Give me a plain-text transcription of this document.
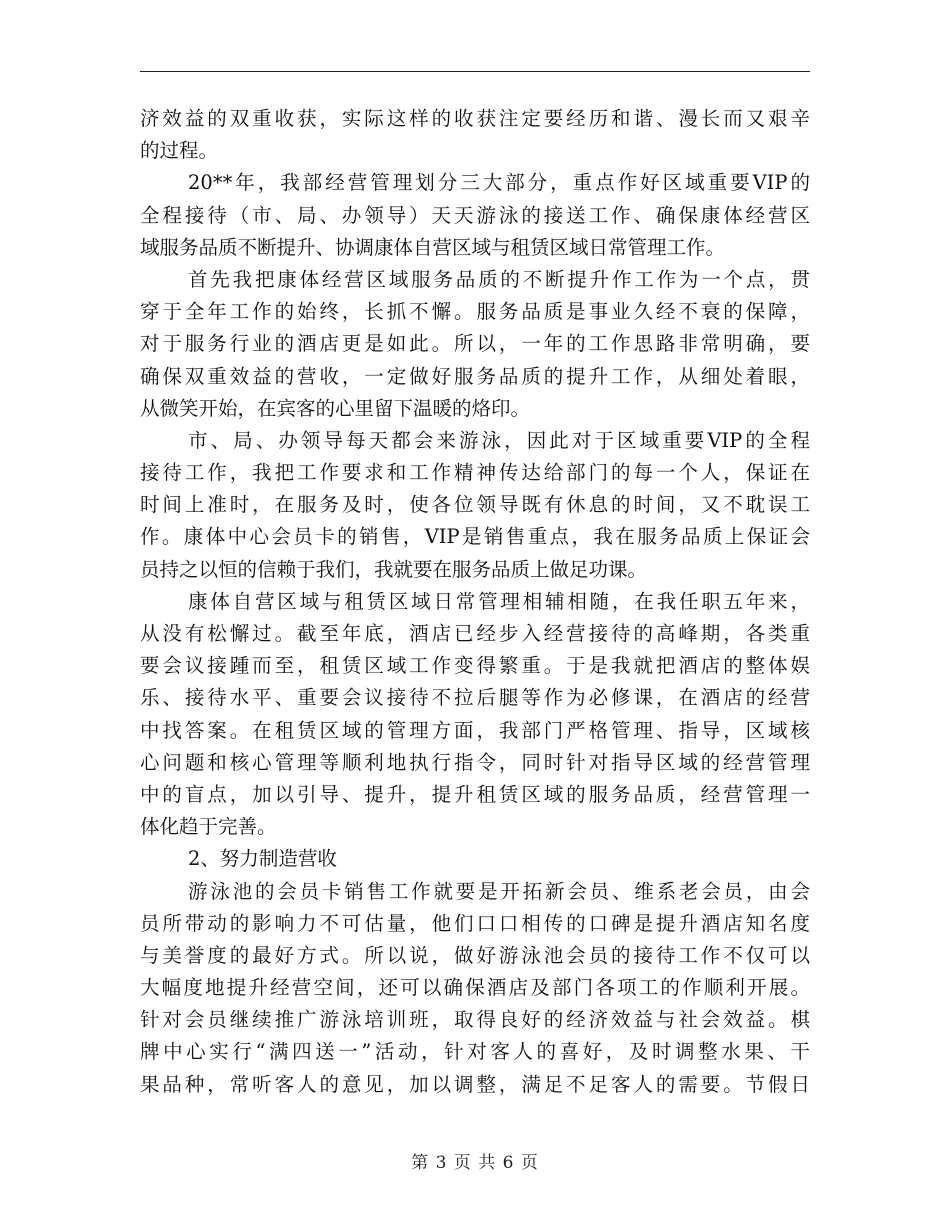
济效益的双重收获，实际这样的收获注定要经历和谐、漫长而又艰辛
的过程。
20**年，我部经营管理划分三大部分，重点作好区域重要VIP的
全程接待（市、局、办领导）天天游泳的接送工作、确保康体经营区
域服务品质不断提升、协调康体自营区域与租赁区域日常管理工作。
首先我把康体经营区域服务品质的不断提升作工作为一个点，贯
穿于全年工作的始终，长抓不懈。服务品质是事业久经不衰的保障，
对于服务行业的酒店更是如此。所以，一年的工作思路非常明确，要
确保双重效益的营收，一定做好服务品质的提升工作，从细处着眼，
从微笑开始，在宾客的心里留下温暖的烙印。
市、局、办领导每天都会来游泳，因此对于区域重要VIP的全程
接待工作，我把工作要求和工作精神传达给部门的每一个人，保证在
时间上准时，在服务及时，使各位领导既有休息的时间，又不耽误工
作。康体中心会员卡的销售，VIP是销售重点，我在服务品质上保证会
员持之以恒的信赖于我们，我就要在服务品质上做足功课。
康体自营区域与租赁区域日常管理相辅相随，在我任职五年来，
从没有松懈过。截至年底，酒店已经步入经营接待的高峰期，各类重
要会议接踵而至，租赁区域工作变得繁重。于是我就把酒店的整体娱
乐、接待水平、重要会议接待不拉后腿等作为必修课，在酒店的经营
中找答案。在租赁区域的管理方面，我部门严格管理、指导，区域核
心问题和核心管理等顺利地执行指令，同时针对指导区域的经营管理
中的盲点，加以引导、提升，提升租赁区域的服务品质，经营管理一
体化趋于完善。
2、努力制造营收
游泳池的会员卡销售工作就要是开拓新会员、维系老会员，由会
员所带动的影响力不可估量，他们口口相传的口碑是提升酒店知名度
与美誉度的最好方式。所以说，做好游泳池会员的接待工作不仅可以
大幅度地提升经营空间，还可以确保酒店及部门各项工的作顺利开展。
针对会员继续推广游泳培训班，取得良好的经济效益与社会效益。棋
牌中心实行“满四送一”活动，针对客人的喜好，及时调整水果、干
果品种，常听客人的意见，加以调整，满足不足客人的需要。节假日
第 3 页 共 6 页
